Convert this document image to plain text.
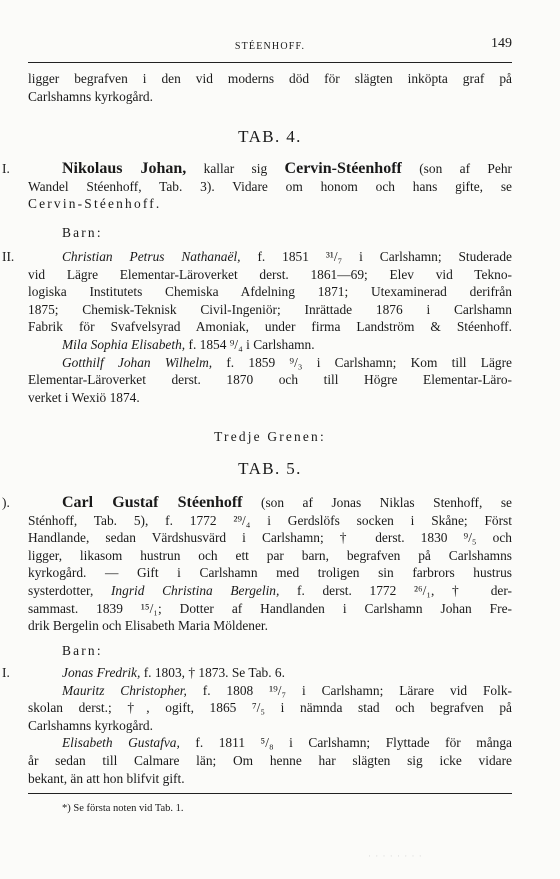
STÉENHOFF.	149
ligger begrafven i den vid moderns död för slägten inköpta graf på
Carlshamns kyrkogård.
TAB. 4.
I.	Nikolaus Johan, kallar sig Cervin-Stéenhoff (son af Pehr
Wandel Stéenhoff, Tab. 3). Vidare om honom och hans gifte, se
Cervin-Stéenhoff.
Barn:
II.	Christian Petrus Nathanaël, f. 1851 ³¹/₇ i Carlshamn; Studerade
vid Lägre Elementar-Läroverket derst. 1861—69; Elev vid Tekno-
logiska Institutets Chemiska Afdelning 1871; Utexaminerad derifrån
1875; Chemisk-Teknisk Civil-Ingeniör; Inrättade 1876 i Carlshamn
Fabrik för Svafvelsyrad Amoniak, under firma Landström & Stéenhoff.
Mila Sophia Elisabeth, f. 1854 ⁹/₄ i Carlshamn.
Gotthilf Johan Wilhelm, f. 1859 ⁹/₃ i Carlshamn; Kom till Lägre
Elementar-Läroverket derst. 1870 och till Högre Elementar-Läro-
verket i Wexiö 1874.
Tredje Grenen:
TAB. 5.
).	Carl Gustaf Stéenhoff (son af Jonas Niklas Stenhoff, se
Sténhoff, Tab. 5), f. 1772 ²⁹/₄ i Gerdslöfs socken i Skåne; Först
Handlande, sedan Värdshusvärd i Carlshamn; † derst. 1830 ⁹/₅ och
ligger, likasom hustrun och ett par barn, begrafven på Carlshamns
kyrkogård. — Gift i Carlshamn med troligen sin farbrors hustrus
systerdotter, Ingrid Christina Bergelin, f. derst. 1772 ²⁶/₁, † der-
sammast. 1839 ¹⁵/₁; Dotter af Handlanden i Carlshamn Johan Fre-
drik Bergelin och Elisabeth Maria Möldener.
Barn:
I.	Jonas Fredrik, f. 1803, † 1873. Se Tab. 6.
Mauritz Christopher, f. 1808 ¹⁹/₇ i Carlshamn; Lärare vid Folk-
skolan derst.; †, ogift, 1865 ⁷/₅ i nämnda stad och begrafven på
Carlshamns kyrkogård.
Elisabeth Gustafva, f. 1811 ⁵/₈ i Carlshamn; Flyttade för många
år sedan till Calmare län; Om henne har slägten sig icke vidare
bekant, än att hon blifvit gift.
*) Se första noten vid Tab. 1.
· · · · · · · ·
